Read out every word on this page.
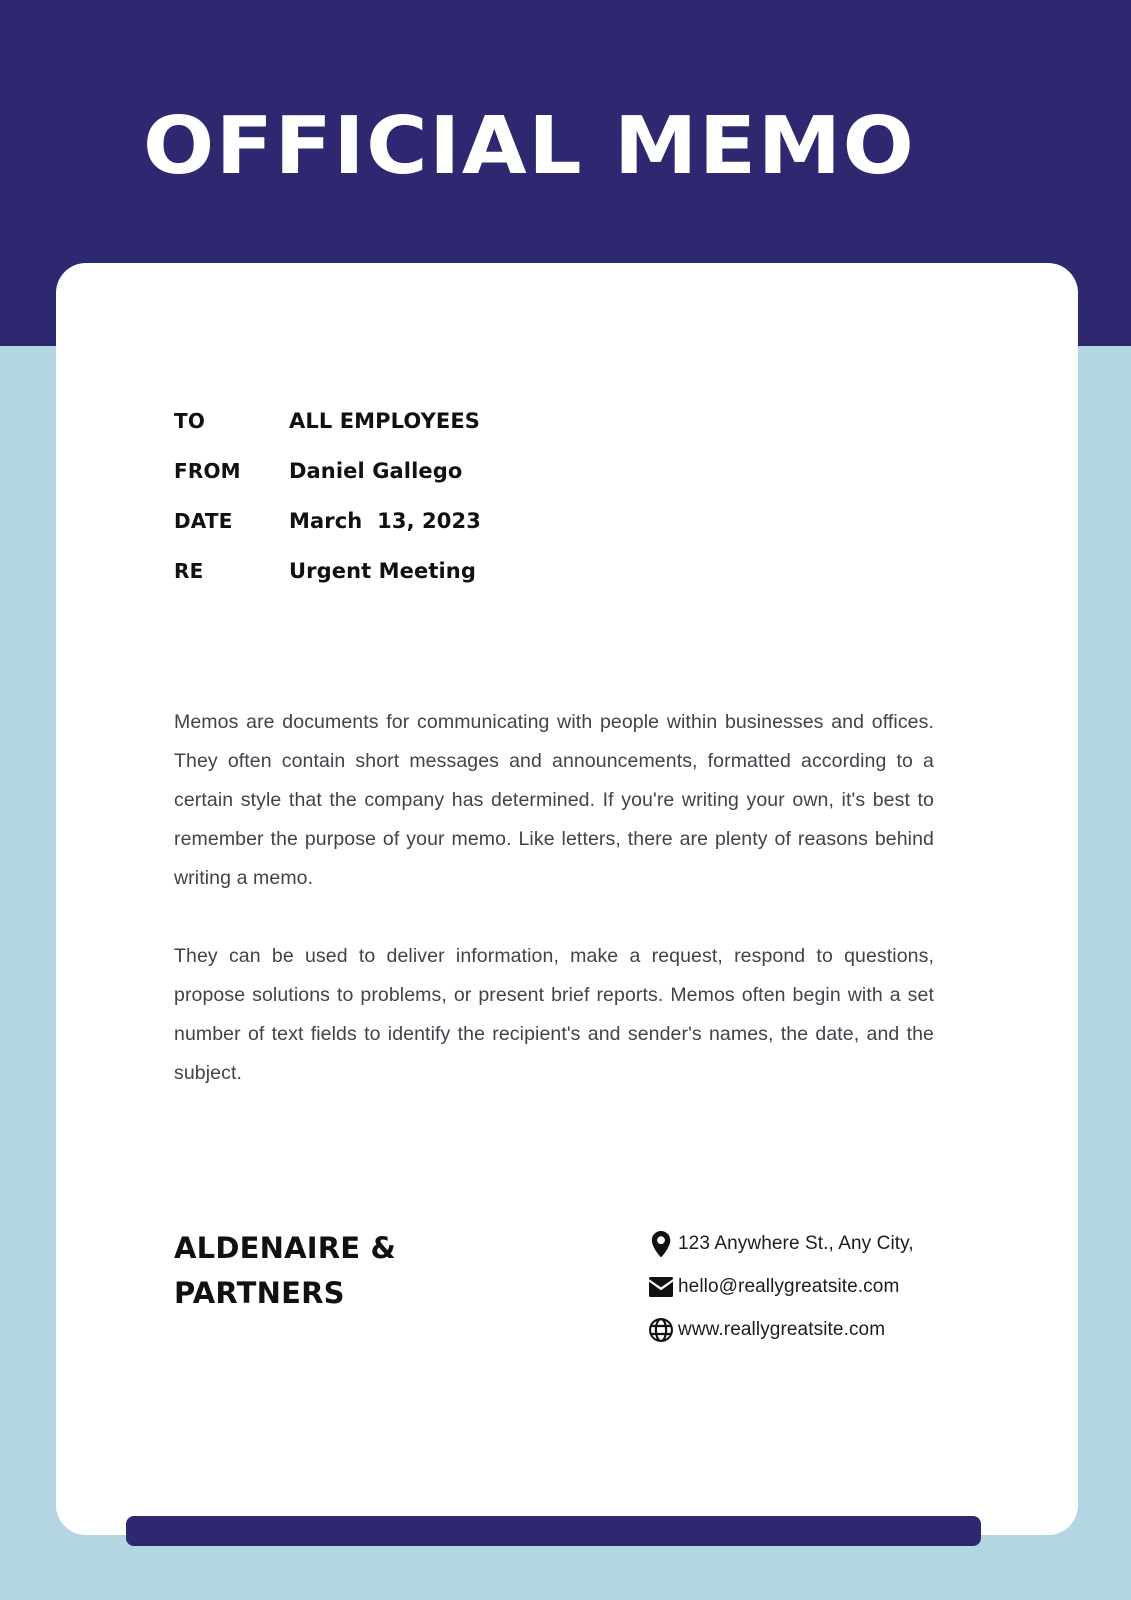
OFFICIAL MEMO
TO	ALL EMPLOYEES
FROM	Daniel Gallego
DATE	March  13, 2023
RE	Urgent Meeting

Memos are documents for communicating with people within businesses and offices. They often contain short messages and announcements, formatted according to a certain style that the company has determined. If you're writing your own, it's best to remember the purpose of your memo. Like letters, there are plenty of reasons behind writing a memo.

They can be used to deliver information, make a request, respond to questions, propose solutions to problems, or present brief reports. Memos often begin with a set number of text fields to identify the recipient's and sender's names, the date, and the subject.

ALDENAIRE & PARTNERS
123 Anywhere St., Any City,
hello@reallygreatsite.com
www.reallygreatsite.com
